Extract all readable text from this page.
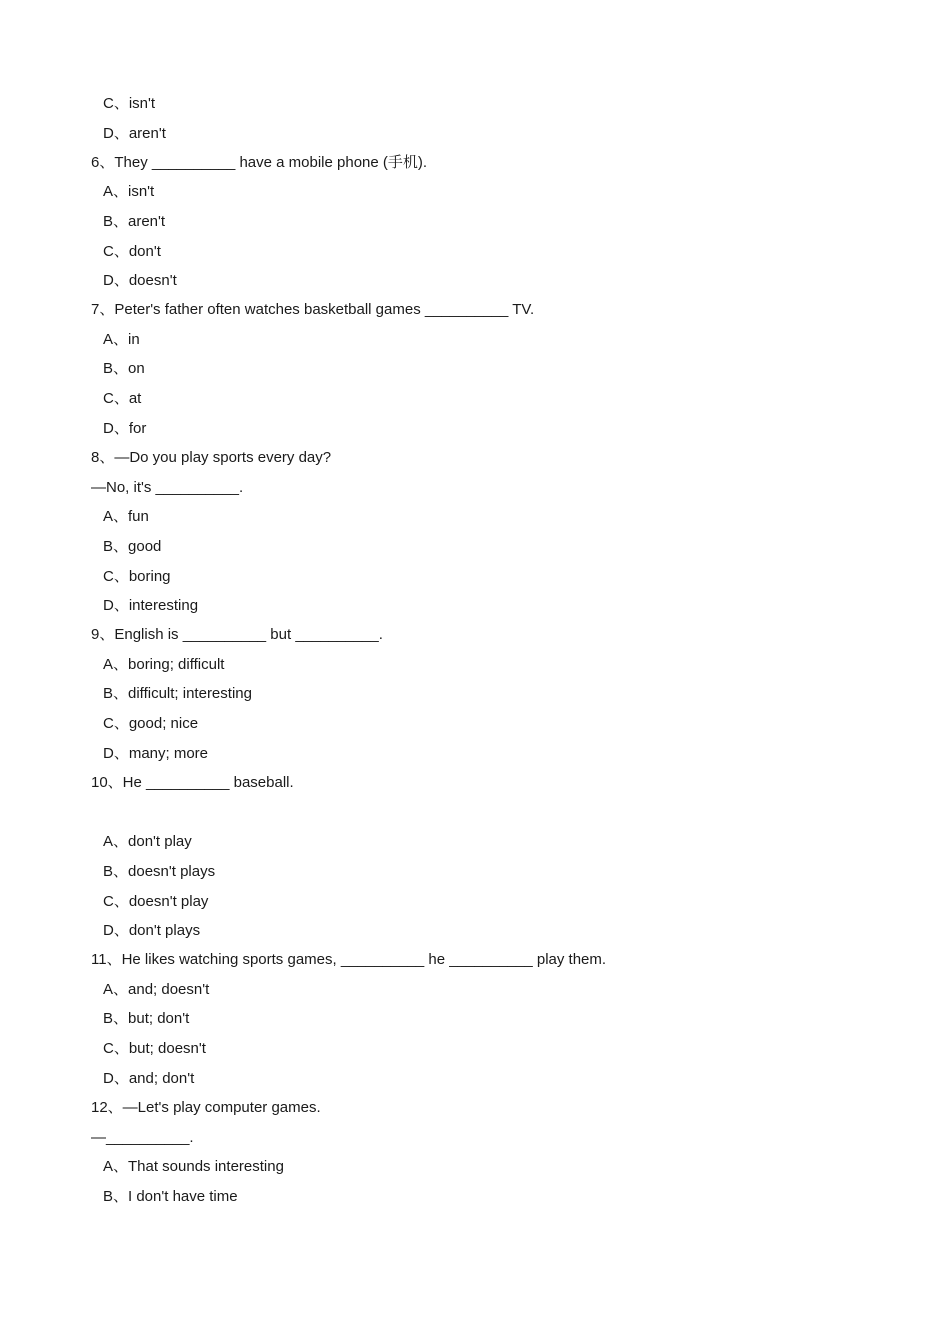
C、isn't
D、aren't
6、They __________ have a mobile phone (手机).
A、isn't
B、aren't
C、don't
D、doesn't
7、Peter's father often watches basketball games __________ TV.
A、in
B、on
C、at
D、for
8、—Do you play sports every day?
—No, it's __________.
A、fun
B、good
C、boring
D、interesting
9、English is __________ but __________.
A、boring; difficult
B、difficult; interesting
C、good; nice
D、many; more
10、He __________ baseball.
A、don't play
B、doesn't plays
C、doesn't play
D、don't plays
11、He likes watching sports games, __________ he __________ play them.
A、and; doesn't
B、but; don't
C、but; doesn't
D、and; don't
12、—Let's play computer games.
—__________.
A、That sounds interesting
B、I don't have time
